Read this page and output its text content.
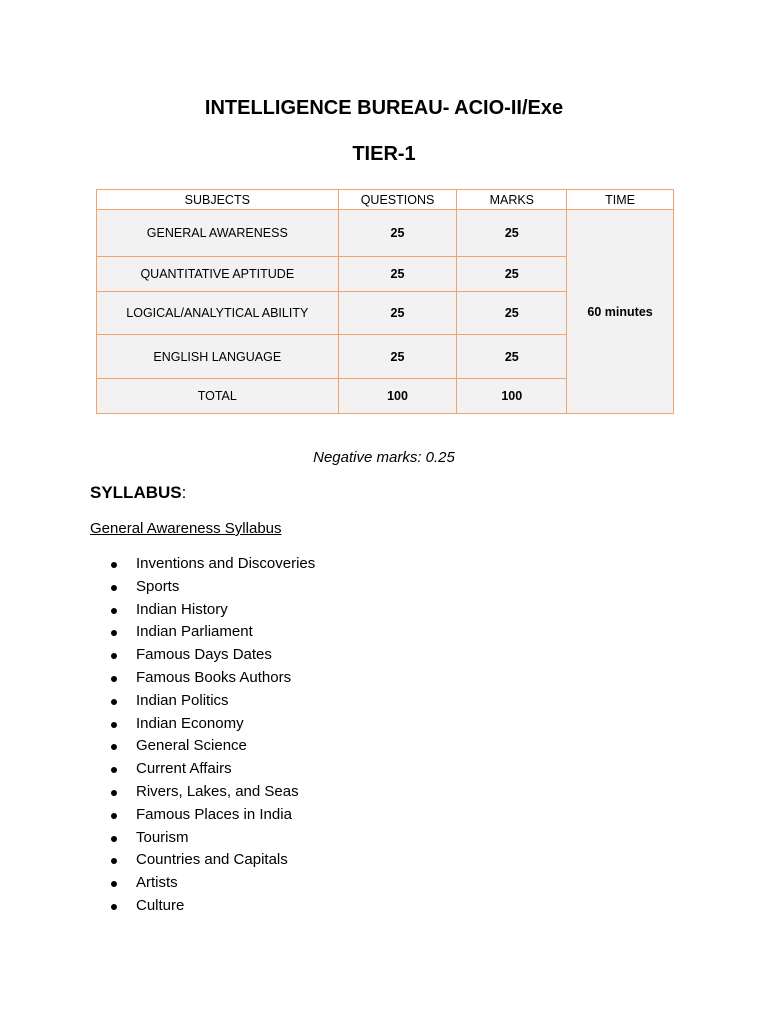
INTELLIGENCE BUREAU- ACIO-II/Exe
TIER-1
SUBJECTS	QUESTIONS	MARKS	TIME
GENERAL AWARENESS	25	25	60 minutes
QUANTITATIVE APTITUDE	25	25	
LOGICAL/ANALYTICAL ABILITY	25	25	
ENGLISH LANGUAGE	25	25	
TOTAL	100	100	

Negative marks: 0.25

SYLLABUS:

General Awareness Syllabus

Inventions and Discoveries
Sports
Indian History
Indian Parliament
Famous Days Dates
Famous Books Authors
Indian Politics
Indian Economy
General Science
Current Affairs
Rivers, Lakes, and Seas
Famous Places in India
Tourism
Countries and Capitals
Artists
Culture
